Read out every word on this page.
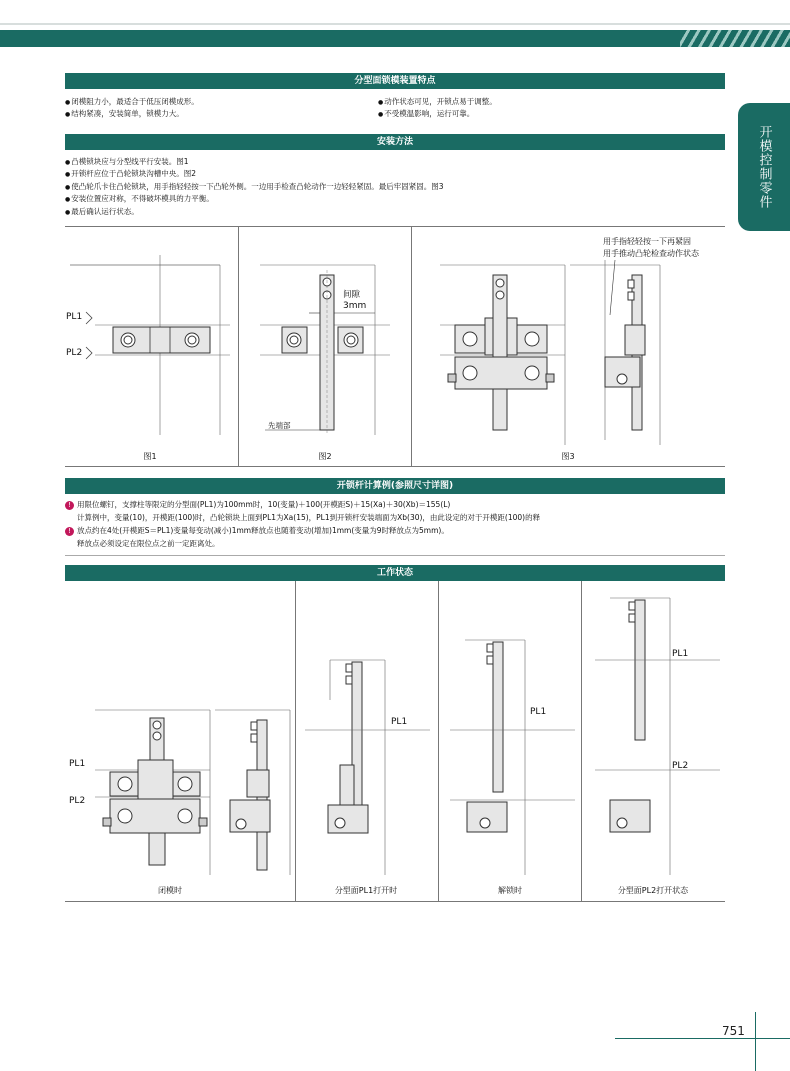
开模控制零件
分型面锁模装置特点
● 闭模阻力小，最适合于低压闭模成形。	● 动作状态可见，开锁点易于调整。
● 结构紧凑，安装简单，锁模力大。	● 不受模温影响，运行可靠。
安装方法
● 凸模锁块应与分型线平行安装。图1
● 开锁杆应位于凸轮锁块沟槽中央。图2
● 使凸轮爪卡住凸轮锁块，用手指轻轻按一下凸轮外侧。一边用手检查凸轮动作一边轻轻紧固。最后牢固紧固。图3
● 安装位置应对称，不得破坏模具的力平衡。
● 最后确认运行状态。
PL1
PL2
间隙
3mm
先端部
用手指轻轻按一下再紧固
用手推动凸轮检查动作状态
图1	图2	图3
开锁杆计算例(参照尺寸详图)
! 用限位螺钉，支撑柱等限定的分型面(PL1)为100mm时，10(变量)＋100(开模距S)＋15(Xa)＋30(Xb)＝155(L)
计算例中，变量(10)，开模距(100)时，凸轮锁块上面到PL1为Xa(15)，PL1到开锁杆安装端面为Xb(30)，由此设定的对于开模距(100)的释
! 放点约在4处(开模距S＝PL1)变量每变动(减小)1mm释放点也随着变动(增加)1mm(变量为9时释放点为5mm)。
释放点必须设定在限位点之前一定距离处。
工作状态
PL1
PL2
PL1
PL1
PL1
PL2
闭模时	分型面PL1打开时	解锁时	分型面PL2打开状态
751
